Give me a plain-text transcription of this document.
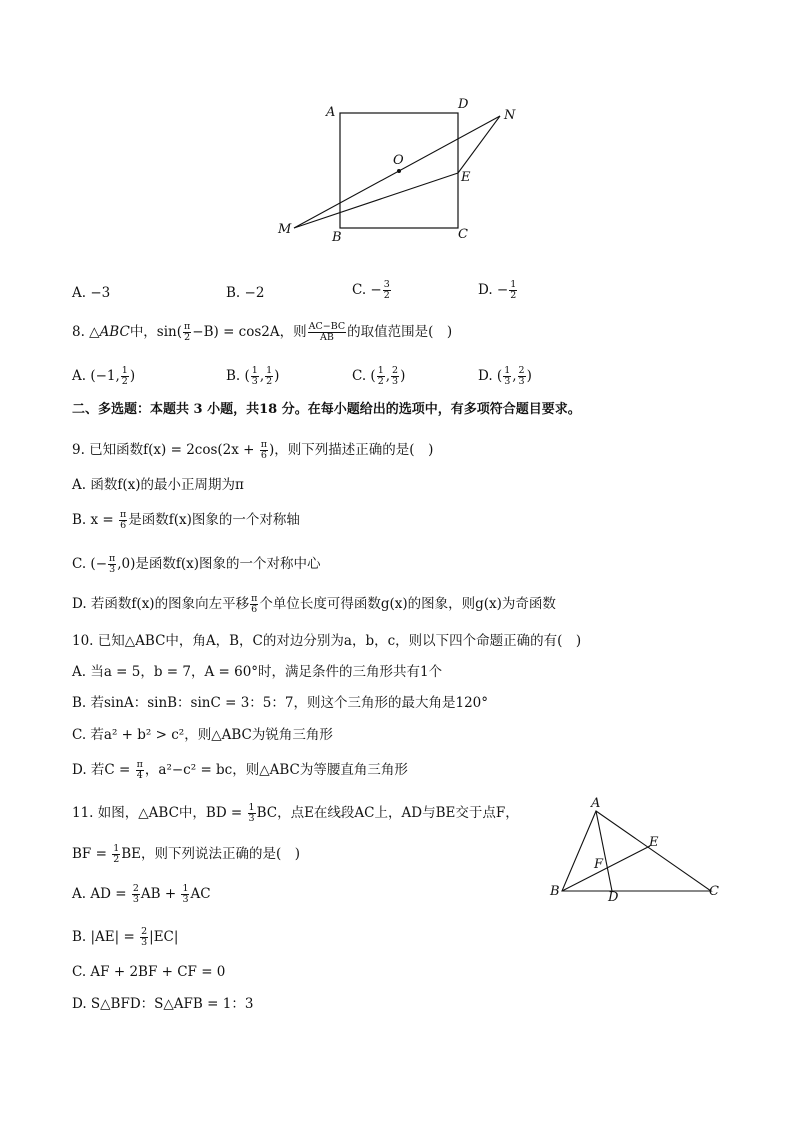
A
D
N
O
E
M
B	C
A. −3	B. −2	C. − $\frac{3}{2}$	D. − $\frac{1}{2}$
8. △ABC中，$\sin( \frac{\pi}{2} -B) = \cos 2A$，则 $\frac{AC-BC}{AB}$ 的取值范围是(　)
A. (−1, $\frac{1}{2}$ )	B. ( $\frac{1}{3}$ , $\frac{1}{2}$ )	C. ( $\frac{1}{2}$ , $\frac{2}{3}$ )	D. ( $\frac{1}{3}$ , $\frac{2}{3}$ )
二、多选题：本题共 3 小题，共18 分。在每小题给出的选项中，有多项符合题目要求。
9. 已知函数$f(x) = 2\cos(2x + \frac{\pi}{6}$ )，则下列描述正确的是(　)
A. 函数f(x)的最小正周期为π
B. $x = \frac{\pi}{6}$ 是函数f(x)图象的一个对称轴
C. (− $\frac{\pi}{3} ,0$)是函数f(x)图象的一个对称中心
D. 若函数f(x)的图象向左平移 $\frac{\pi}{6}$ 个单位长度可得函数g(x)的图象，则g(x)为奇函数
10. 已知△ABC中，角A，B，C的对边分别为a，b，c，则以下四个命题正确的有(　)
A. 当a = 5，b = 7，A = 60°时，满足条件的三角形共有1个
B. 若sinA：sinB：sinC = 3：5：7，则这个三角形的最大角是120°
C. 若a² + b² > c²，则△ABC为锐角三角形
D. 若$C = \frac{\pi}{4}$ ，a²−c² = bc，则△ABC为等腰直角三角形
11. 如图，△ABC中，BD = $\frac{1}{3}$ BC，点E在线段AC上，AD与BE交于点F，
BF = $\frac{1}{2}$ BE，则下列说法正确的是(　)
A. AD = $\frac{2}{3}$ AB + $\frac{1}{3}$ AC
B. $|AE| = \frac{2}{3} |EC|$
C. AF + 2BF + CF = 0
D. S△BFD：S△AFB = 1：3
A
E
F
B	D	C
